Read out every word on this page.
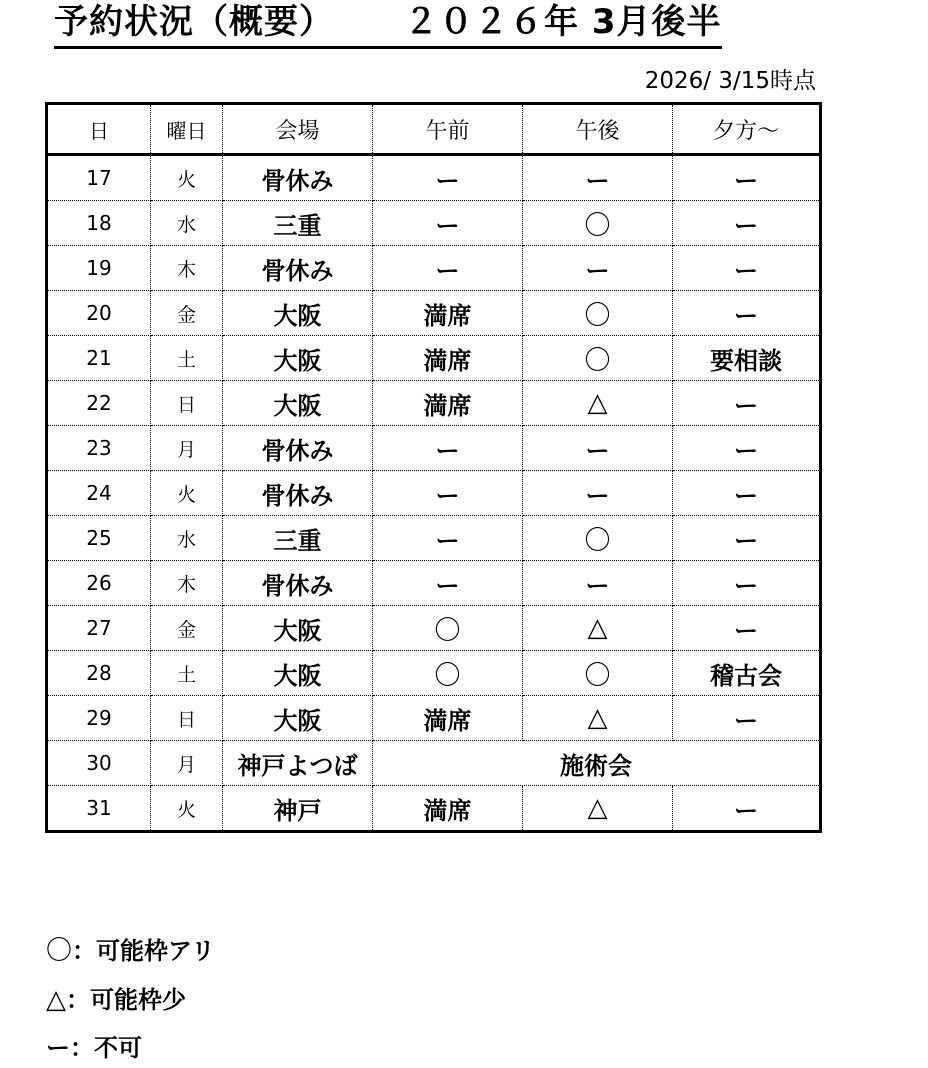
予約状況（概要） ２０２６年 3月後半
2026/ 3/15時点
日	曜日	会場	午前	午後	夕方～
17	火	骨休み	ー	ー	ー
18	水	三重	ー	〇	ー
19	木	骨休み	ー	ー	ー
20	金	大阪	満席	〇	ー
21	土	大阪	満席	〇	要相談
22	日	大阪	満席	△	ー
23	月	骨休み	ー	ー	ー
24	火	骨休み	ー	ー	ー
25	水	三重	ー	〇	ー
26	木	骨休み	ー	ー	ー
27	金	大阪	〇	△	ー
28	土	大阪	〇	〇	稽古会
29	日	大阪	満席	△	ー
30	月	神戸よつば	施術会		
31	火	神戸	満席	△	ー
〇：可能枠アリ
△：可能枠少
ー：不可
